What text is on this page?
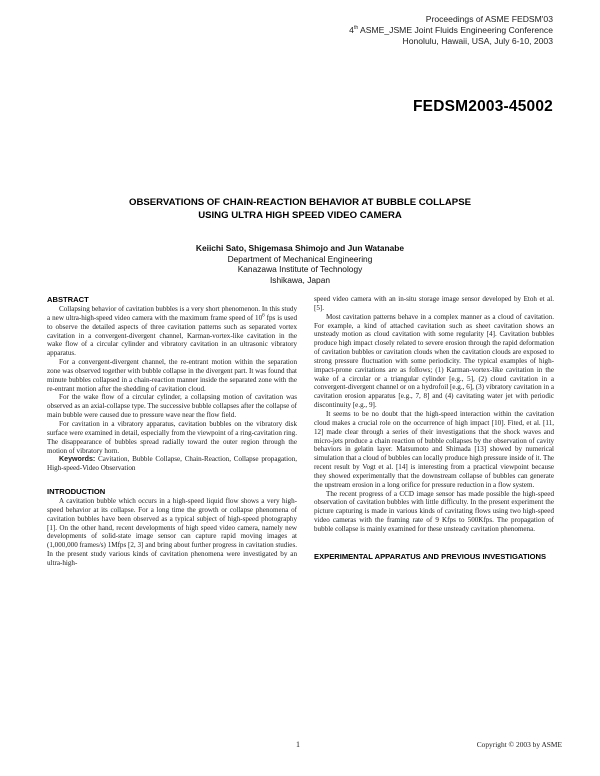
Proceedings of ASME FEDSM'03
4th ASME_JSME Joint Fluids Engineering Conference
Honolulu, Hawaii, USA, July 6-10, 2003
FEDSM2003-45002
OBSERVATIONS OF CHAIN-REACTION BEHAVIOR AT BUBBLE COLLAPSE
USING ULTRA HIGH SPEED VIDEO CAMERA
Keiichi Sato, Shigemasa Shimojo and Jun Watanabe
Department of Mechanical Engineering
Kanazawa Institute of Technology
Ishikawa, Japan
ABSTRACT

Collapsing behavior of cavitation bubbles is a very short phenomenon. In this study a new ultra-high-speed video camera with the maximum frame speed of $10^6$ fps is used to observe the detailed aspects of three cavitation patterns such as separated vortex cavitation in a convergent-divergent channel, Karman-vortex-like cavitation in the wake flow of a circular cylinder and vibratory cavitation in an ultrasonic vibratory apparatus.

For a convergent-divergent channel, the re-entrant motion within the separation zone was observed together with bubble collapse in the divergent part. It was found that minute bubbles collapsed in a chain-reaction manner inside the separated zone with the re-entrant motion after the shedding of cavitation cloud.

For the wake flow of a circular cylinder, a collapsing motion of cavitation was observed as an axial-collapse type. The successive bubble collapses after the collapse of main bubble were caused due to pressure wave near the flow field.

For cavitation in a vibratory apparatus, cavitation bubbles on the vibratory disk surface were examined in detail, especially from the viewpoint of a ring-cavitation ring. The disappearance of bubbles spread radially toward the outer region through the motion of vibratory horn.

Keywords: Cavitation, Bubble Collapse, Chain-Reaction, Collapse propagation, High-speed-Video Observation

INTRODUCTION

A cavitation bubble which occurs in a high-speed liquid flow shows a very high-speed behavior at its collapse. For a long time the growth or collapse phenomena of cavitation bubbles have been observed as a typical subject of high-speed photography [1]. On the other hand, recent developments of high speed video camera, namely new developments of solid-state image sensor can capture rapid moving images at (1,000,000 frames/s) 1Mfps [2, 3] and bring about further progress in cavitation studies. In the present study various kinds of cavitation phenomena were investigated by an ultra-high-

speed video camera with an in-situ storage image sensor developed by Etoh et al. [5].

Most cavitation patterns behave in a complex manner as a cloud of cavitation. For example, a kind of attached cavitation such as sheet cavitation shows an unsteady motion as cloud cavitation with some regularity [4]. Cavitation bubbles produce high impact closely related to severe erosion through the rapid deformation of cavitation bubbles or cavitation clouds when the cavitation clouds are exposed to strong pressure fluctuation with some periodicity. The typical examples of high-impact-prone cavitations are as follows; (1) Karman-vortex-like cavitation in the wake of a circular or a triangular cylinder [e.g., 5], (2) cloud cavitation in a convergent-divergent channel or on a hydrofoil [e.g., 6], (3) vibratory cavitation in a cavitation erosion apparatus [e.g., 7, 8] and (4) cavitating water jet with periodic discontinuity [e.g., 9].

It seems to be no doubt that the high-speed interaction within the cavitation cloud makes a crucial role on the occurrence of high impact [10]. Fited, et al. [11, 12] made clear through a series of their investigations that the shock waves and micro-jets produce a chain reaction of bubble collapses by the observation of cavity behaviors in gelatin layer. Matsumoto and Shimada [13] showed by numerical simulation that a cloud of bubbles can locally produce high pressure inside of it. The recent result by Vogt et al. [14] is interesting from a practical viewpoint because they showed experimentally that the downstream collapse of bubbles can generate the upstream erosion in a long orifice for pressure reduction in a flow system.

The recent progress of a CCD image sensor has made possible the high-speed observation of cavitation bubbles with little difficulty. In the present experiment the picture capturing is made in various kinds of cavitating flows using two high-speed video cameras with the framing rate of 9 Kfps to 500Kfps. The propagation of bubble collapse is mainly examined for these unsteady cavitation phenomena.

EXPERIMENTAL APPARATUS AND PREVIOUS INVESTIGATIONS
1	Copyright © 2003 by ASME
